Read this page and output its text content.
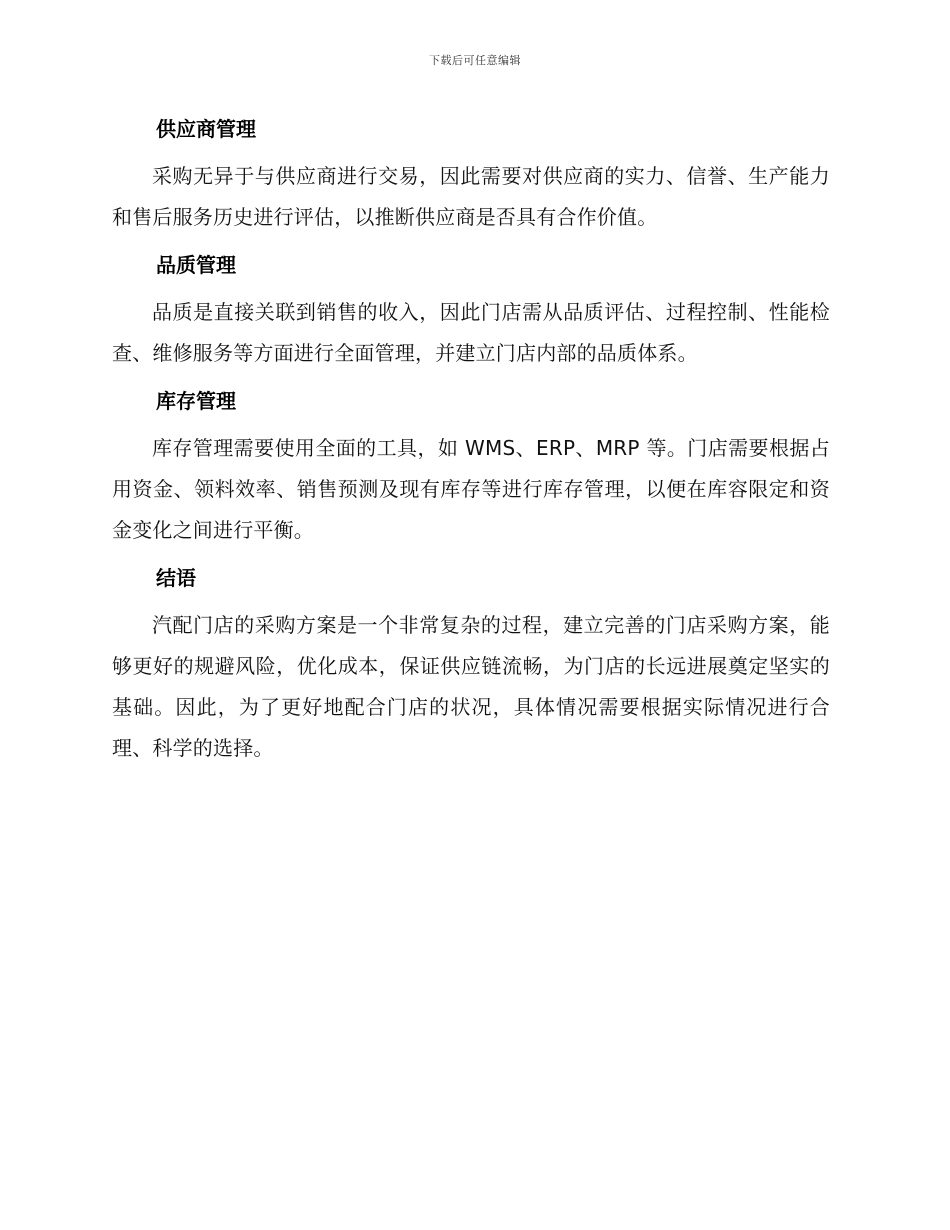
下载后可任意编辑
供应商管理

采购无异于与供应商进行交易，因此需要对供应商的实力、信誉、生产能力和售后服务历史进行评估，以推断供应商是否具有合作价值。

品质管理

品质是直接关联到销售的收入，因此门店需从品质评估、过程控制、性能检查、维修服务等方面进行全面管理，并建立门店内部的品质体系。

库存管理

库存管理需要使用全面的工具，如 WMS、ERP、MRP 等。门店需要根据占用资金、领料效率、销售预测及现有库存等进行库存管理，以便在库容限定和资金变化之间进行平衡。

结语

汽配门店的采购方案是一个非常复杂的过程，建立完善的门店采购方案，能够更好的规避风险，优化成本，保证供应链流畅，为门店的长远进展奠定坚实的基础。因此，为了更好地配合门店的状况，具体情况需要根据实际情况进行合理、科学的选择。
